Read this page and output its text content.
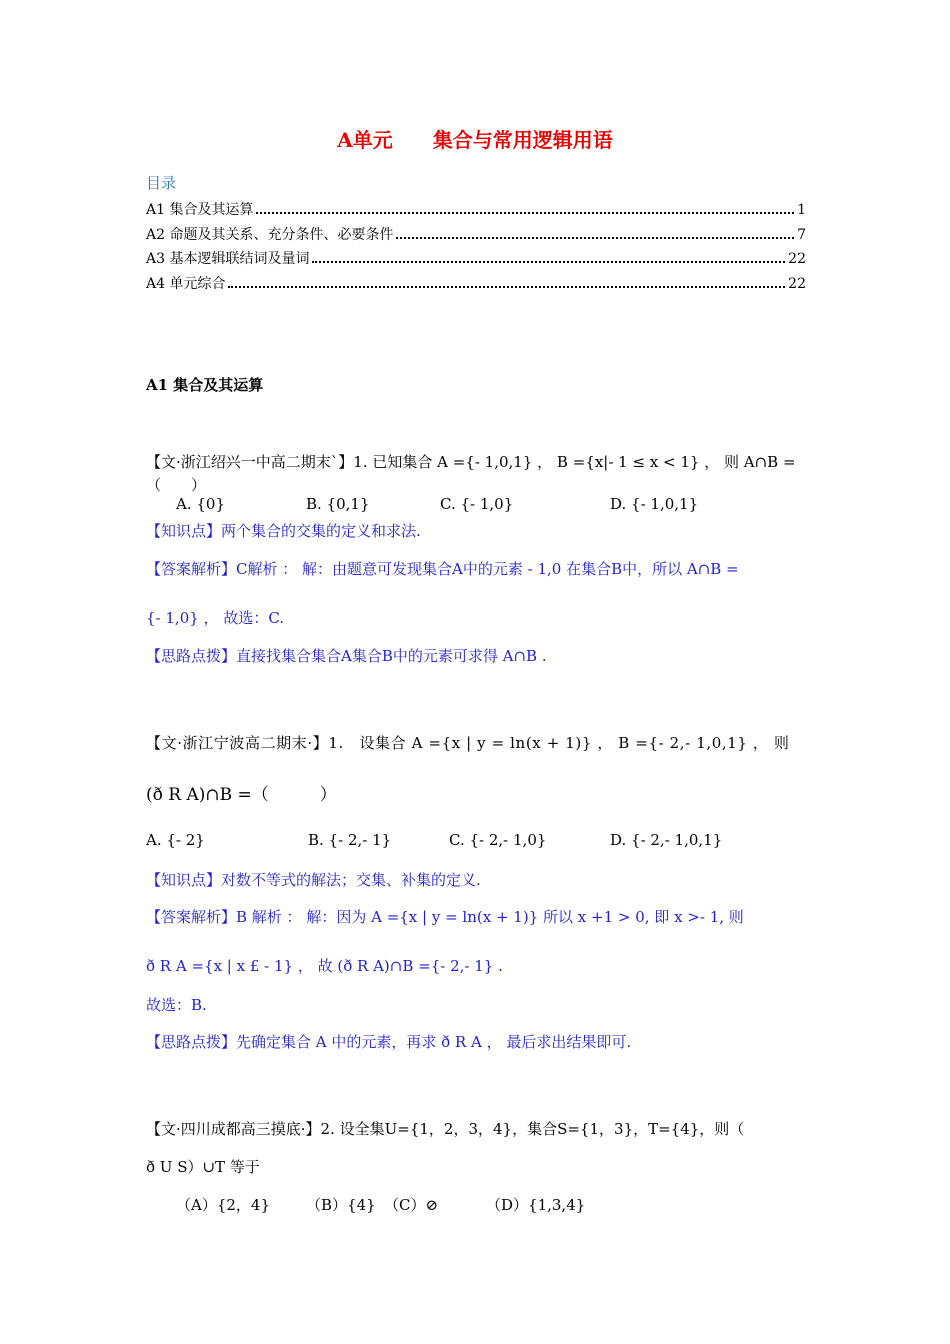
A单元　　集合与常用逻辑用语
目录
A1 集合及其运算	1
A2 命题及其关系、充分条件、必要条件	7
A3 基本逻辑联结词及量词	22
A4 单元综合	22
A1 集合及其运算
【文·浙江绍兴一中高二期末`】1. 已知集合 A ={- 1,0,1} ， B ={x|- 1 ≤ x < 1} ， 则 A∩B =
（　　）
A. {0}	B. {0,1}	C. {- 1,0}	D. {- 1,0,1}
【知识点】两个集合的交集的定义和求法.
【答案解析】C解析 ： 解：由题意可发现集合A中的元素 - 1,0 在集合B中，所以 A∩B =
{- 1,0} ， 故选：C.
【思路点拨】直接找集合集合A集合B中的元素可求得 A∩B .
【文·浙江宁波高二期末·】1.　设集合 A ={x | y = ln(x + 1)} ， B ={- 2,- 1,0,1} ， 则
(ð R A)∩B =（　　　）
A. {- 2}	B. {- 2,- 1}	C. {- 2,- 1,0}	D. {- 2,- 1,0,1}
【知识点】对数不等式的解法；交集、补集的定义.
【答案解析】B 解析 ： 解：因为 A ={x | y = ln(x + 1)} 所以 x +1 > 0, 即 x >- 1, 则
ð R A ={x | x £ - 1} ， 故 (ð R A)∩B ={- 2,- 1} .
故选：B.
【思路点拨】先确定集合 A 中的元素，再求 ð R A ， 最后求出结果即可.
【文·四川成都高三摸底·】2. 设全集U={1，2，3，4}，集合S={1，3}，T={4}，则（
ð U S）∪T 等于
（A）{2，4} （B）{4} （C）⊘	（D）{1,3,4}
